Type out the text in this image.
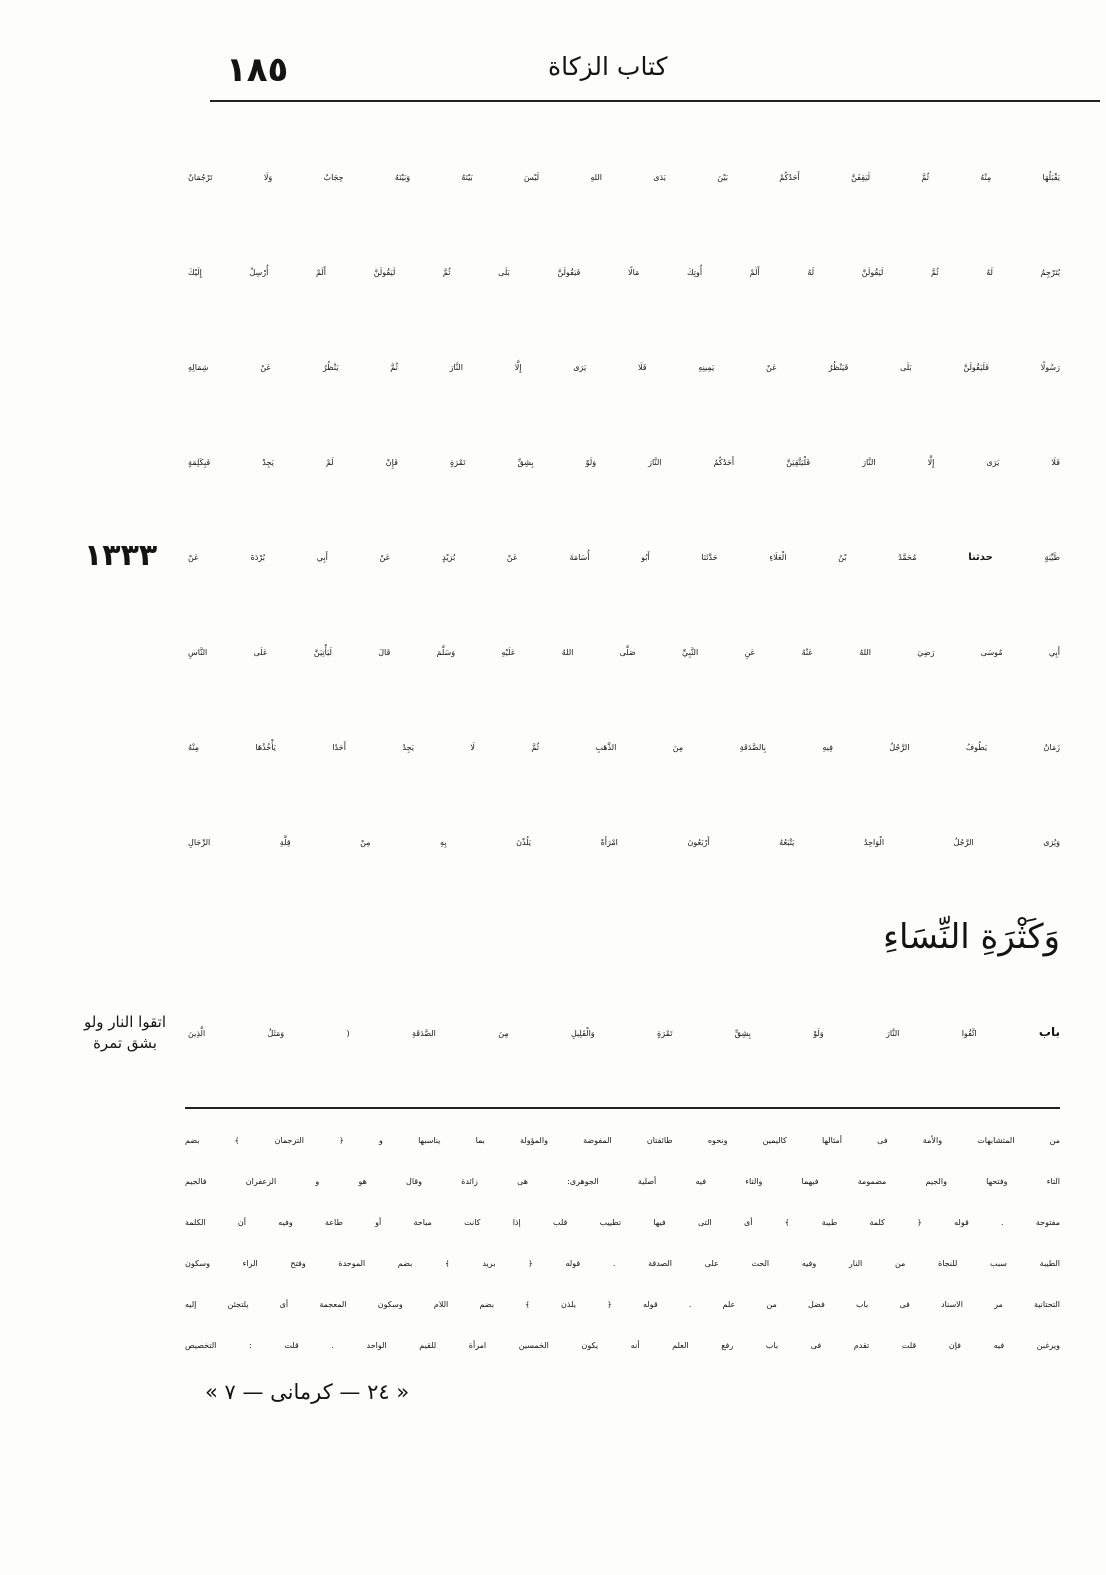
١٨٥	كتاب الزكاة
يَقْبَلُهَا مِنْهُ ثُمَّ لَيَقِفَنَّ أَحَدُكُمْ بَيْنَ يَدَى اللهِ لَيْسَ بَيْنَهُ وَبَيْنَهُ حِجَابٌ وَلَا تَرْجُمَانٌ
يُتَرْجِمُ لَهُ ثُمَّ لَيَقُولَنَّ لَهُ أَلَمْ أُوتِكَ مَالًا فَيَقُولَنَّ بَلَى ثُمَّ لَيَقُولَنَّ أَلَمْ أُرْسِلْ إِلَيْكَ
رَسُولًا فَلَيَقُولَنَّ بَلَى فَيَنْظُرُ عَنْ يَمِينِهِ فَلَا يَرَى إِلَّا النَّارَ ثُمَّ يَنْظُرُ عَنْ شِمَالِهِ
فَلَا يَرَى إِلَّا النَّارَ فَلْيَتَّقِيَنَّ أَحَدُكُمُ النَّارَ وَلَوْ بِشِقِّ تَمْرَةٍ فَإِنْ لَمْ يَجِدْ فَبِكَلِمَةٍ
طَيِّبَةٍ حدثنا مُحَمَّدُ بْنُ الْعَلَاءِ حَدَّثَنَا أَبُو أُسَامَةَ عَنْ بُرَيْدٍ عَنْ أَبِي بُرْدَةَ عَنْ
أَبِي مُوسَى رَضِيَ اللهُ عَنْهُ عَنِ النَّبِيِّ صَلَّى اللهُ عَلَيْهِ وَسَلَّمَ قَالَ لَيَأْتِيَنَّ عَلَى النَّاسِ
زَمَانٌ يَطُوفُ الرَّجُلُ فِيهِ بِالصَّدَقَةِ مِنَ الذَّهَبِ ثُمَّ لَا يَجِدُ أَحَدًا يَأْخُذُهَا مِنْهُ
وَيُرَى الرَّجُلُ الْوَاحِدُ يَتْبَعُهُ أَرْبَعُونَ امْرَأَةً يَلُذْنَ بِهِ مِنْ قِلَّةِ الرِّجَالِ
وَكَثْرَةِ النِّسَاءِ
باب اتَّقُوا النَّارَ وَلَوْ بِشِقِّ تَمْرَةٍ وَالْقَلِيلِ مِنَ الصَّدَقَةِ ( وَمَثَلُ الَّذِينَ
١٣٣٣
اتقوا النار ولو
بشق تمرة
من المتشابهات والأمة فى أمثالها كاليمين ونحوه طائفتان المفوضة والمؤولة بما يناسبها و ﴿ الترجمان ﴾ بضم
التاء وفتحها والجيم مضمومة فيهما والتاء فيه أصلية الجوهرى: هى زائدة وقال هو و الزعفران فالجيم
مفتوحة . قوله ﴿ كلمة طيبة ﴾ أى التى فيها تطييب قلب إذا كانت مباحة أو طاعة وفيه أن الكلمة
الطيبة سبب للنجاة من النار وفيه الحث على الصدقة . قوله ﴿ بريد ﴾ بضم الموحدة وفتح الراء وسكون
التحتانية مر الاسناد فى باب فضل من علم . قوله ﴿ يلذن ﴾ بضم اللام وسكون المعجمة أى يلتجئن إليه
ويرغبن فيه فإن قلت تقدم فى باب رفع العلم أنه يكون الخمسين امرأة للقيم الواحد . قلت : التخصيص
« ٢٤ — كرمانى — ٧ »
